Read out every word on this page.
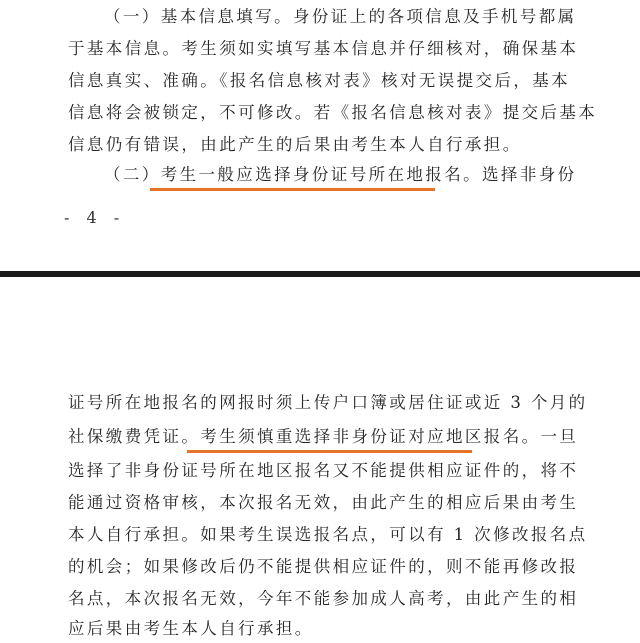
（一）基本信息填写。身份证上的各项信息及手机号都属
于基本信息。考生须如实填写基本信息并仔细核对，确保基本
信息真实、准确。《报名信息核对表》核对无误提交后，基本
信息将会被锁定，不可修改。若《报名信息核对表》提交后基本
信息仍有错误，由此产生的后果由考生本人自行承担。
（二）考生一般应选择身份证号所在地报名。选择非身份
- 4 -
证号所在地报名的网报时须上传户口簿或居住证或近 3 个月的
社保缴费凭证。考生须慎重选择非身份证对应地区报名。一旦
选择了非身份证号所在地区报名又不能提供相应证件的，将不
能通过资格审核，本次报名无效，由此产生的相应后果由考生
本人自行承担。如果考生误选报名点，可以有 1 次修改报名点
的机会；如果修改后仍不能提供相应证件的，则不能再修改报
名点，本次报名无效，今年不能参加成人高考，由此产生的相
应后果由考生本人自行承担。
